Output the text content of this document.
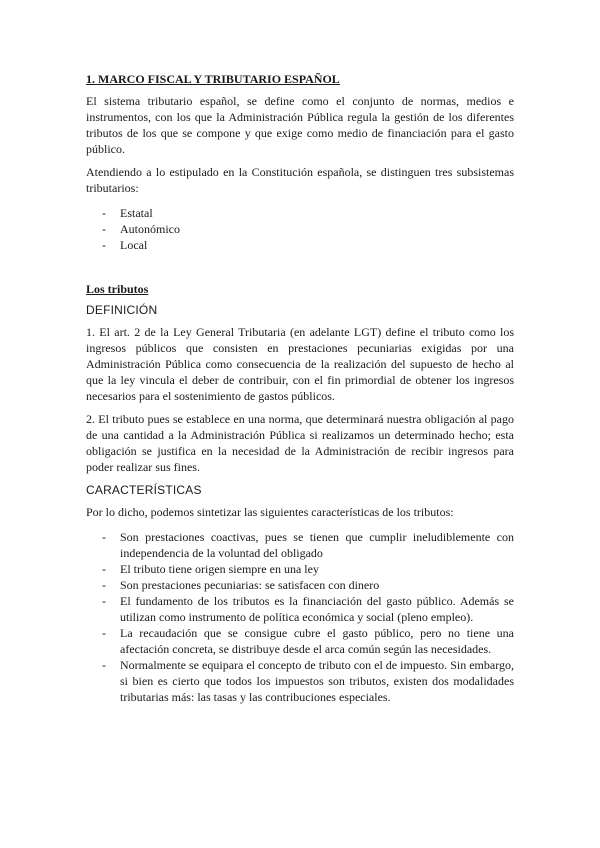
1. MARCO FISCAL Y TRIBUTARIO ESPAÑOL

El sistema tributario español, se define como el conjunto de normas, medios e instrumentos, con los que la Administración Pública regula la gestión de los diferentes tributos de los que se compone y que exige como medio de financiación para el gasto público.

Atendiendo a lo estipulado en la Constitución española, se distinguen tres subsistemas tributarios:

- Estatal
- Autonómico
- Local
Los tributos
DEFINICIÓN

1. El art. 2 de la Ley General Tributaria (en adelante LGT) define el tributo como los ingresos públicos que consisten en prestaciones pecuniarias exigidas por una Administración Pública como consecuencia de la realización del supuesto de hecho al que la ley vincula el deber de contribuir, con el fin primordial de obtener los ingresos necesarios para el sostenimiento de gastos públicos.

2. El tributo pues se establece en una norma, que determinará nuestra obligación al pago de una cantidad a la Administración Pública si realizamos un determinado hecho; esta obligación se justifica en la necesidad de la Administración de recibir ingresos para poder realizar sus fines.

CARACTERÍSTICAS

Por lo dicho, podemos sintetizar las siguientes características de los tributos:

- Son prestaciones coactivas, pues se tienen que cumplir ineludiblemente con independencia de la voluntad del obligado
- El tributo tiene origen siempre en una ley
- Son prestaciones pecuniarias: se satisfacen con dinero
- El fundamento de los tributos es la financiación del gasto público. Además se utilizan como instrumento de política económica y social (pleno empleo).
- La recaudación que se consigue cubre el gasto público, pero no tiene una afectación concreta, se distribuye desde el arca común según las necesidades.
- Normalmente se equipara el concepto de tributo con el de impuesto. Sin embargo, si bien es cierto que todos los impuestos son tributos, existen dos modalidades tributarias más: las tasas y las contribuciones especiales.
